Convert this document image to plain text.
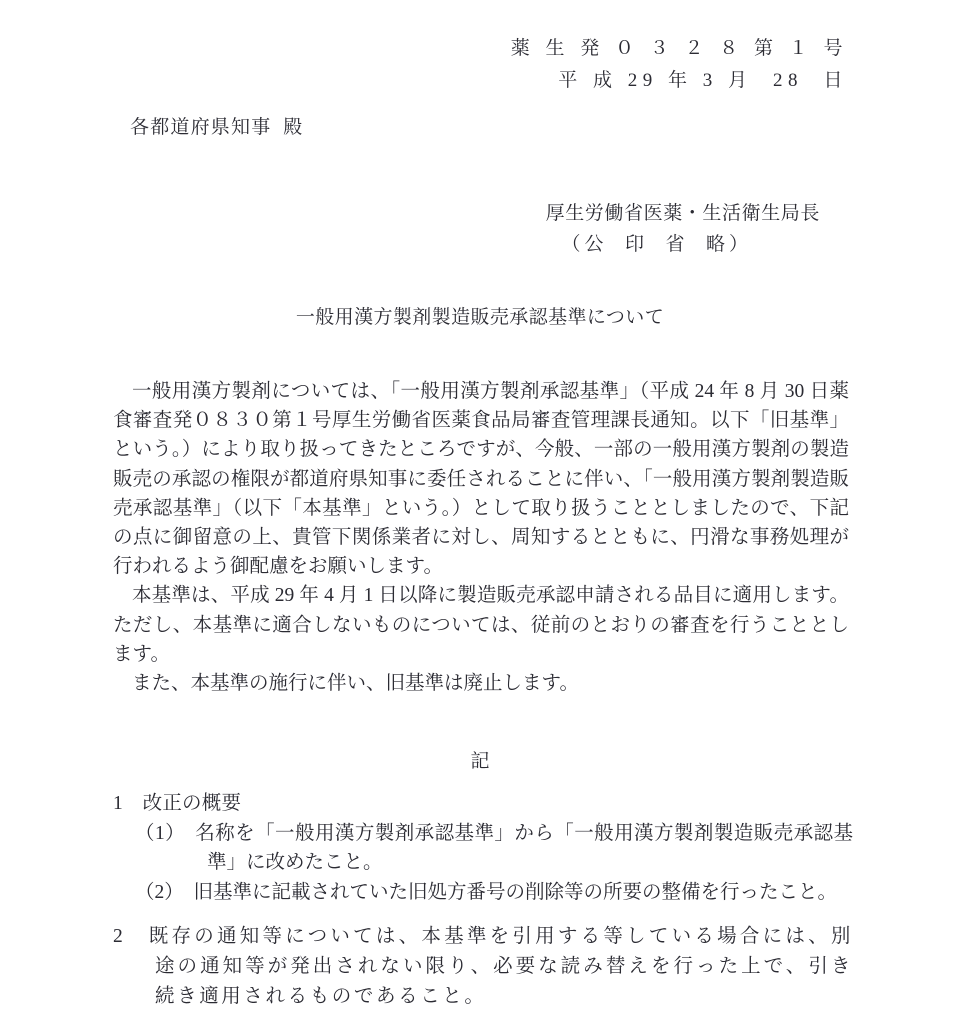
薬 生 発 ０ ３ ２ ８ 第 １ 号
平 成 29 年 3 月  28  日
各都道府県知事  殿
厚生労働省医薬・生活衛生局長
（公  印  省  略）
一般用漢方製剤製造販売承認基準について

一般用漢方製剤については、「一般用漢方製剤承認基準」（平成 24 年 8 月 30 日薬食審査発０８３０第１号厚生労働省医薬食品局審査管理課長通知。以下「旧基準」という。）により取り扱ってきたところですが、今般、一部の一般用漢方製剤の製造販売の承認の権限が都道府県知事に委任されることに伴い、「一般用漢方製剤製造販売承認基準」（以下「本基準」という。）として取り扱うこととしましたので、下記の点に御留意の上、貴管下関係業者に対し、周知するとともに、円滑な事務処理が行われるよう御配慮をお願いします。

本基準は、平成 29 年 4 月 1 日以降に製造販売承認申請される品目に適用します。ただし、本基準に適合しないものについては、従前のとおりの審査を行うこととします。

また、本基準の施行に伴い、旧基準は廃止します。

記
1　改正の概要
（1）　名称を「一般用漢方製剤承認基準」から「一般用漢方製剤製造販売承認基準」に改めたこと。
（2）　旧基準に記載されていた旧処方番号の削除等の所要の整備を行ったこと。
2　既存の通知等については、本基準を引用する等している場合には、別途の通知等が発出されない限り、必要な読み替えを行った上で、引き続き適用されるものであること。
